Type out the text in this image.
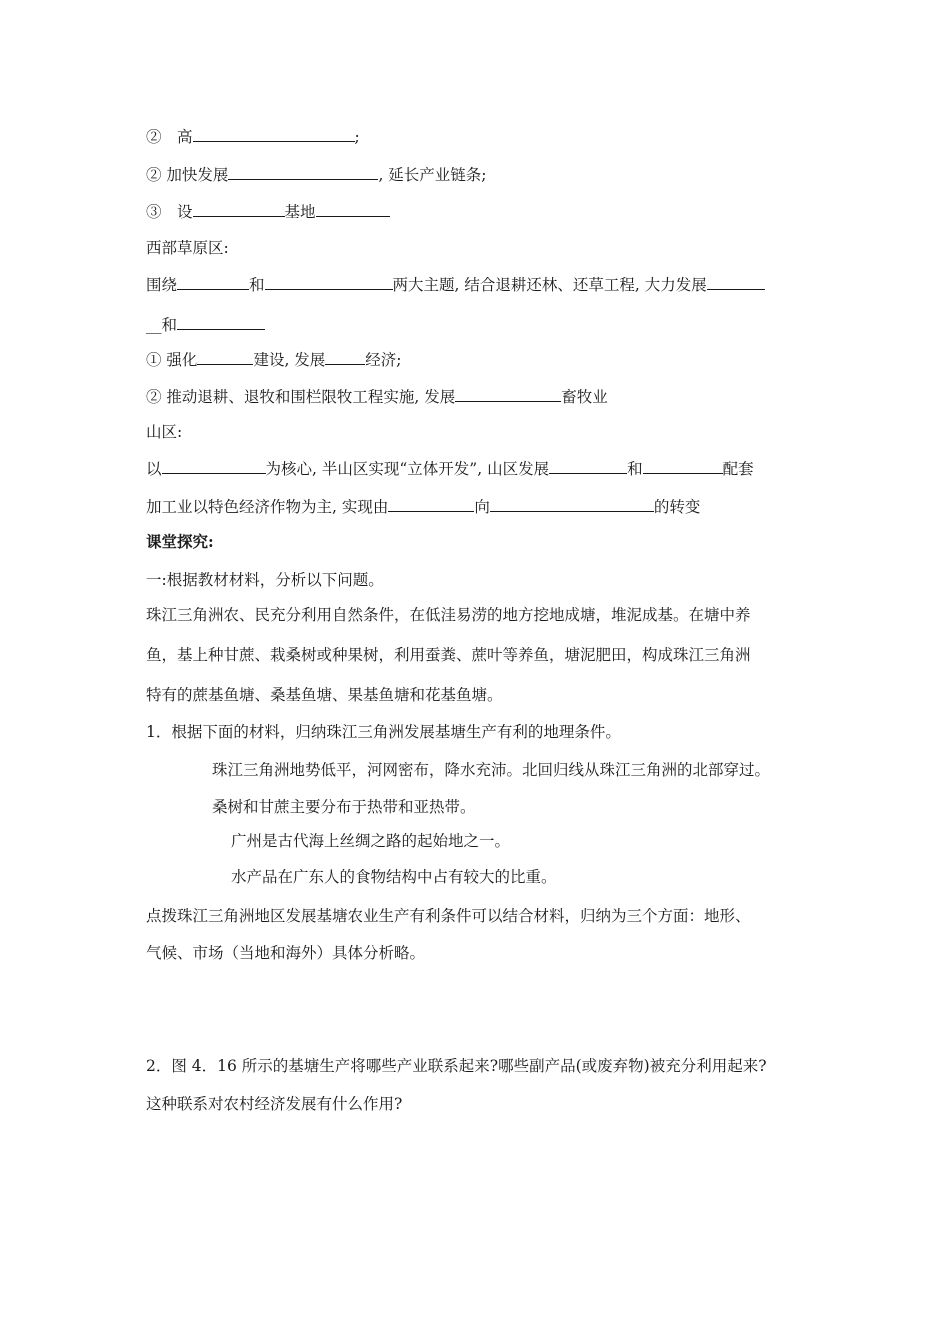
②　高	;
② 加快发展	, 延长产业链条;
③　设	基地
西部草原区:
围绕	和	两大主题, 结合退耕还林、还草工程, 大力发展
__和
① 强化	建设, 发展	经济;
② 推动退耕、退牧和围栏限牧工程实施, 发展	畜牧业
山区:
以	为核心, 半山区实现“立体开发”, 山区发展	和	配套
加工业以特色经济作物为主, 实现由	向	的转变
课堂探究:
一:根据教材材料，分析以下问题。
珠江三角洲农、民充分利用自然条件，在低洼易涝的地方挖地成塘，堆泥成基。在塘中养
鱼，基上种甘蔗、栽桑树或种果树，利用蚕粪、蔗叶等养鱼，塘泥肥田，构成珠江三角洲
特有的蔗基鱼塘、桑基鱼塘、果基鱼塘和花基鱼塘。
1．根据下面的材料，归纳珠江三角洲发展基塘生产有利的地理条件。
珠江三角洲地势低平，河网密布，降水充沛。北回归线从珠江三角洲的北部穿过。
桑树和甘蔗主要分布于热带和亚热带。
广州是古代海上丝绸之路的起始地之一。
水产品在广东人的食物结构中占有较大的比重。
点拨珠江三角洲地区发展基塘农业生产有利条件可以结合材料，归纳为三个方面：地形、
气候、市场（当地和海外）具体分析略。
2．图 4．16 所示的基塘生产将哪些产业联系起来?哪些副产品(或废弃物)被充分利用起来?
这种联系对农村经济发展有什么作用?
